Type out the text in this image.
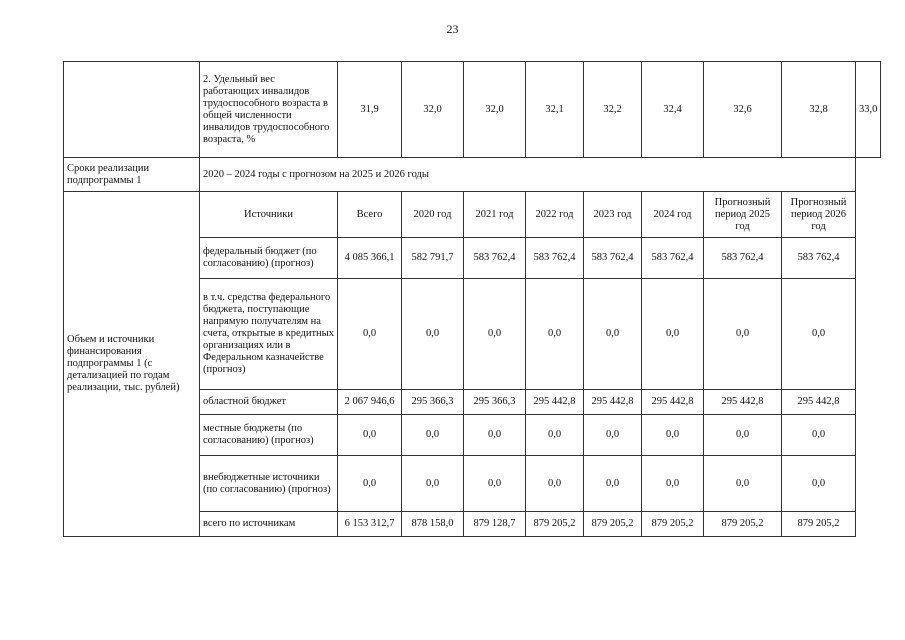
23
	2. Удельный вес работающих инвалидов трудоспособного возраста в общей численности инвалидов трудоспособного возраста, %	31,9	32,0	32,0	32,1	32,2	32,4	32,6	32,8	33,0
Сроки реализации подпрограммы 1	2020 – 2024 годы с прогнозом на 2025 и 2026 годы									
Объем и источники финансирования подпрограммы 1 (с детализацией по годам реализации, тыс. рублей)	Источники	Всего	2020 год	2021 год	2022 год	2023 год	2024 год	Прогнозный период 2025 год	Прогнозный период 2026 год	
	федеральный бюджет (по согласованию) (прогноз)	4 085 366,1	582 791,7	583 762,4	583 762,4	583 762,4	583 762,4	583 762,4	583 762,4	
	в т.ч. средства федерального бюджета, поступающие напрямую получателям на счета, открытые в кредитных организациях или в Федеральном казначействе (прогноз)	0,0	0,0	0,0	0,0	0,0	0,0	0,0	0,0	
	областной бюджет	2 067 946,6	295 366,3	295 366,3	295 442,8	295 442,8	295 442,8	295 442,8	295 442,8	
	местные бюджеты (по согласованию) (прогноз)	0,0	0,0	0,0	0,0	0,0	0,0	0,0	0,0	
	внебюджетные источники (по согласованию) (прогноз)	0,0	0,0	0,0	0,0	0,0	0,0	0,0	0,0	
	всего по источникам	6 153 312,7	878 158,0	879 128,7	879 205,2	879 205,2	879 205,2	879 205,2	879 205,2	
